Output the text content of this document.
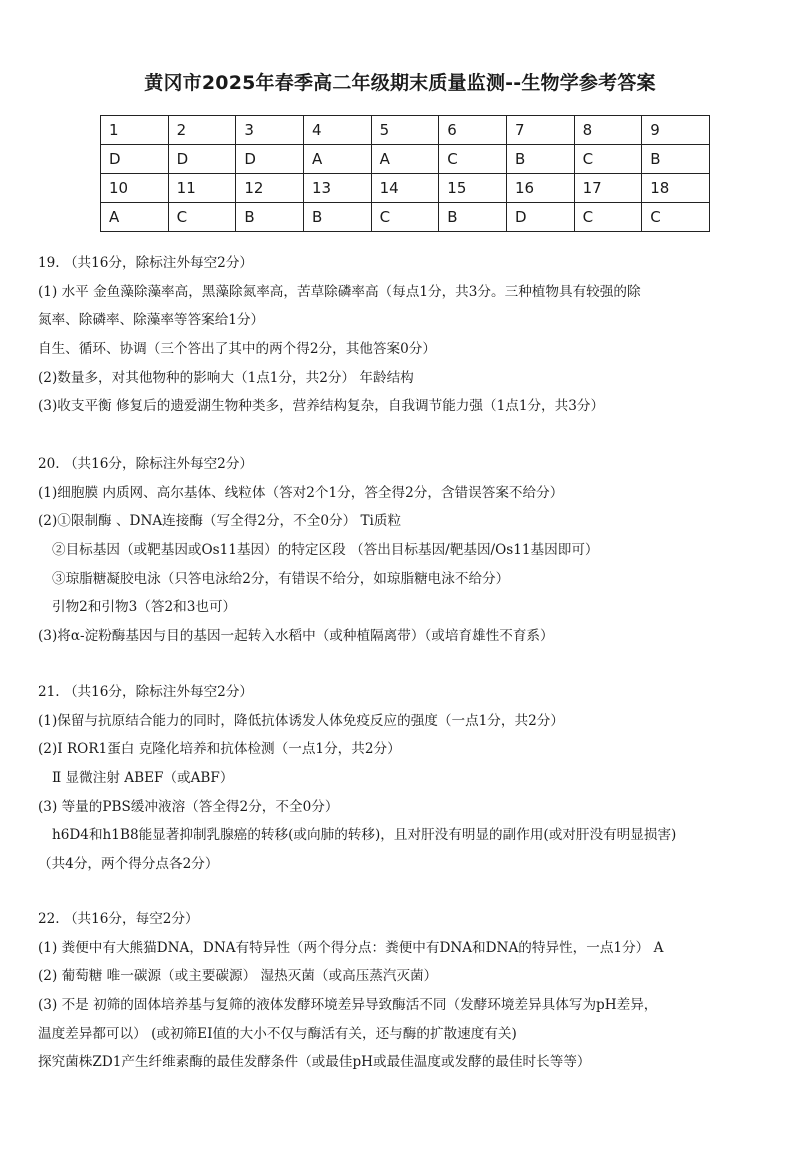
黄冈市2025年春季高二年级期末质量监测--生物学参考答案
1	2	3	4	5	6	7	8	9
D	D	D	A	A	C	B	C	B
10	11	12	13	14	15	16	17	18
A	C	B	B	C	B	D	C	C
19. （共16分，除标注外每空2分）
(1) 水平 金鱼藻除藻率高，黑藻除氮率高，苦草除磷率高（每点1分，共3分。三种植物具有较强的除
氮率、除磷率、除藻率等答案给1分）
自生、循环、协调（三个答出了其中的两个得2分，其他答案0分）
(2)数量多，对其他物种的影响大（1点1分，共2分） 年龄结构
(3)收支平衡 修复后的遗爱湖生物种类多，营养结构复杂，自我调节能力强（1点1分，共3分）
20. （共16分，除标注外每空2分）
(1)细胞膜 内质网、高尔基体、线粒体（答对2个1分，答全得2分，含错误答案不给分）
(2)①限制酶 、DNA连接酶（写全得2分，不全0分） Ti质粒
②目标基因（或靶基因或Os11基因）的特定区段 （答出目标基因/靶基因/Os11基因即可）
③琼脂糖凝胶电泳（只答电泳给2分，有错误不给分，如琼脂糖电泳不给分）
引物2和引物3（答2和3也可）
(3)将α-淀粉酶基因与目的基因一起转入水稻中（或种植隔离带）（或培育雄性不育系）
21. （共16分，除标注外每空2分）
(1)保留与抗原结合能力的同时，降低抗体诱发人体免疫反应的强度（一点1分，共2分）
(2)Ⅰ ROR1蛋白 克隆化培养和抗体检测（一点1分，共2分）
Ⅱ 显微注射 ABEF（或ABF）
(3) 等量的PBS缓冲液溶（答全得2分，不全0分）
h6D4和h1B8能显著抑制乳腺癌的转移(或向肺的转移)，且对肝没有明显的副作用(或对肝没有明显损害)
（共4分，两个得分点各2分）
22. （共16分，每空2分）
(1) 粪便中有大熊猫DNA，DNA有特异性（两个得分点：粪便中有DNA和DNA的特异性，一点1分） A
(2) 葡萄糖 唯一碳源（或主要碳源） 湿热灭菌（或高压蒸汽灭菌）
(3) 不是 初筛的固体培养基与复筛的液体发酵环境差异导致酶活不同（发酵环境差异具体写为pH差异，
温度差异都可以） (或初筛EI值的大小不仅与酶活有关，还与酶的扩散速度有关)
探究菌株ZD1产生纤维素酶的最佳发酵条件（或最佳pH或最佳温度或发酵的最佳时长等等）
